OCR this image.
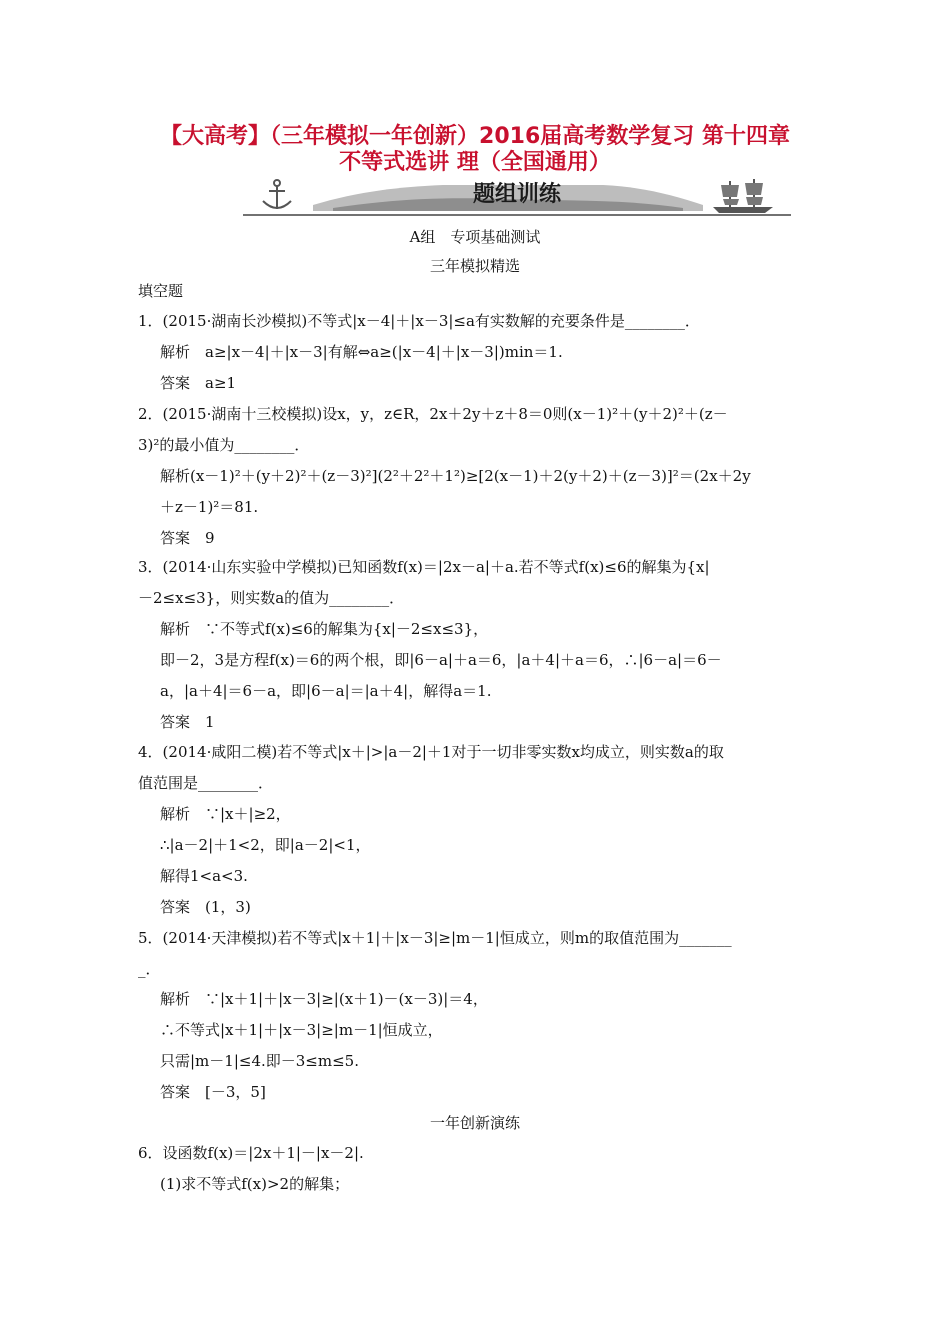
【大高考】（三年模拟一年创新）2016届高考数学复习 第十四章
不等式选讲 理（全国通用）
题组训练
A组　专项基础测试
三年模拟精选
填空题
1．(2015·湖南长沙模拟)不等式|x－4|＋|x－3|≤a有实数解的充要条件是________．
解析　a≥|x－4|＋|x－3|有解⇔a≥(|x－4|＋|x－3|)min＝1.
答案　a≥1
2．(2015·湖南十三校模拟)设x，y，z∈R，2x＋2y＋z＋8＝0则(x－1)²＋(y＋2)²＋(z－
3)²的最小值为________．
解析(x－1)²＋(y＋2)²＋(z－3)²](2²＋2²＋1²)≥[2(x－1)＋2(y＋2)＋(z－3)]²＝(2x＋2y
＋z－1)²＝81.
答案　9
3．(2014·山东实验中学模拟)已知函数f(x)＝|2x－a|＋a.若不等式f(x)≤6的解集为{x|
－2≤x≤3}，则实数a的值为________．
解析　∵不等式f(x)≤6的解集为{x|－2≤x≤3}，
即－2，3是方程f(x)＝6的两个根，即|6－a|＋a＝6，|a＋4|＋a＝6，∴|6－a|＝6－
a，|a＋4|＝6－a，即|6－a|＝|a＋4|，解得a＝1.
答案　1
4．(2014·咸阳二模)若不等式|x＋|>|a－2|＋1对于一切非零实数x均成立，则实数a的取
值范围是________．
解析　∵|x＋|≥2，
∴|a－2|＋1<2，即|a－2|<1，
解得1<a<3.
答案　(1，3)
5．(2014·天津模拟)若不等式|x＋1|＋|x－3|≥|m－1|恒成立，则m的取值范围为_______
_．
解析　∵|x＋1|＋|x－3|≥|(x＋1)－(x－3)|＝4，
∴不等式|x＋1|＋|x－3|≥|m－1|恒成立，
只需|m－1|≤4.即－3≤m≤5.
答案　[－3，5]
一年创新演练
6．设函数f(x)＝|2x＋1|－|x－2|.
(1)求不等式f(x)>2的解集；
